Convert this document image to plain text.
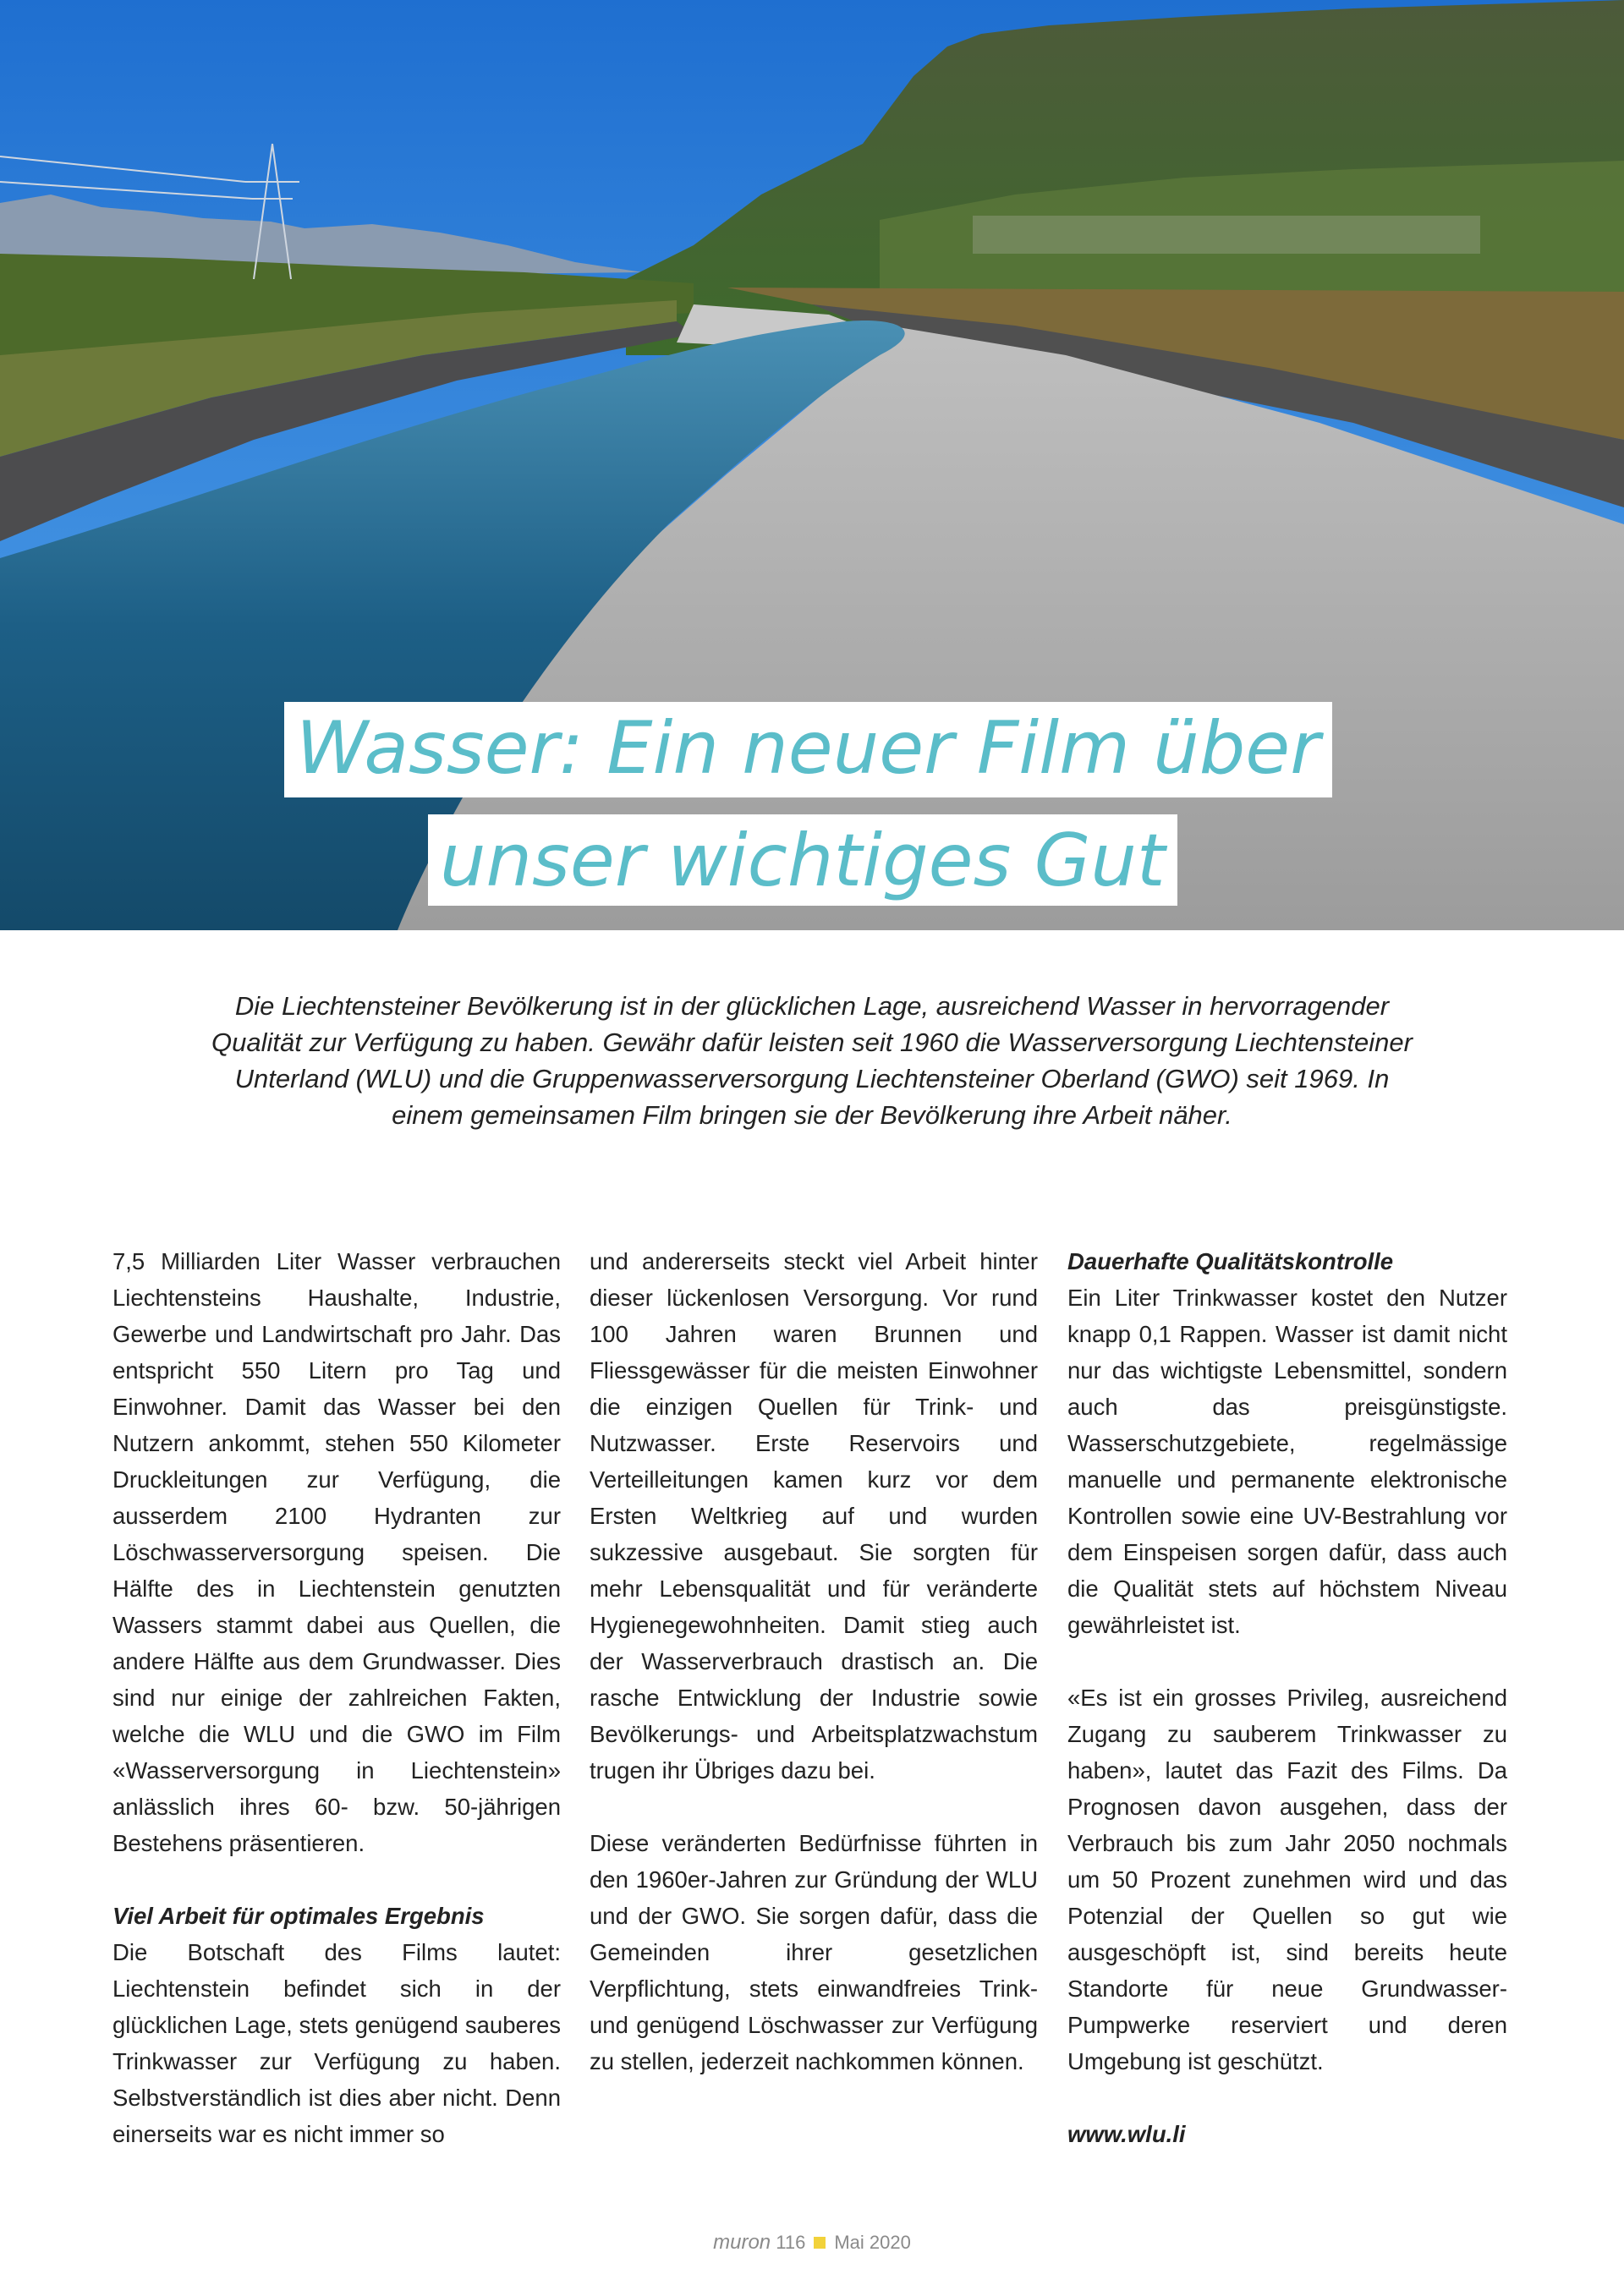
Wasser: Ein neuer Film über
unser wichtiges Gut

Die Liechtensteiner Bevölkerung ist in der glücklichen Lage, ausreichend Wasser in hervorragender

Qualität zur Verfügung zu haben. Gewähr dafür leisten seit 1960 die Wasserversorgung Liechtensteiner

Unterland (WLU) und die Gruppenwasserversorgung Liechtensteiner Oberland (GWO) seit 1969. In

einem gemeinsamen Film bringen sie der Bevölkerung ihre Arbeit näher.

7,5 Milliarden Liter Wasser verbrauchen Liechtensteins Haushalte, Industrie, Gewerbe und Landwirtschaft pro Jahr. Das entspricht 550 Litern pro Tag und Einwohner. Damit das Wasser bei den Nutzern ankommt, stehen 550 Kilometer Druckleitungen zur Verfügung, die ausserdem 2100 Hydranten zur Löschwasserversorgung speisen. Die Hälfte des in Liechtenstein genutzten Wassers stammt dabei aus Quellen, die andere Hälfte aus dem Grundwasser. Dies sind nur einige der zahlreichen Fakten, welche die WLU und die GWO im Film «Wasserversorgung in Liechtenstein» anlässlich ihres 60- bzw. 50-jährigen Bestehens präsentieren.

Viel Arbeit für optimales Ergebnis

Die Botschaft des Films lautet: Liechtenstein befindet sich in der glücklichen Lage, stets genügend sauberes Trinkwasser zur Verfügung zu haben. Selbstverständlich ist dies aber nicht. Denn einerseits war es nicht immer so

und andererseits steckt viel Arbeit hinter dieser lückenlosen Versorgung. Vor rund 100 Jahren waren Brunnen und Fliessgewässer für die meisten Einwohner die einzigen Quellen für Trink- und Nutzwasser. Erste Reservoirs und Verteilleitungen kamen kurz vor dem Ersten Weltkrieg auf und wurden sukzessive ausgebaut. Sie sorgten für mehr Lebensqualität und für veränderte Hygienegewohnheiten. Damit stieg auch der Wasserverbrauch drastisch an. Die rasche Entwicklung der Industrie sowie Bevölkerungs- und Arbeitsplatzwachstum trugen ihr Übriges dazu bei.

Diese veränderten Bedürfnisse führten in den 1960er-Jahren zur Gründung der WLU und der GWO. Sie sorgen dafür, dass die Gemeinden ihrer gesetzlichen Verpflichtung, stets einwandfreies Trink- und genügend Löschwasser zur Verfügung zu stellen, jederzeit nachkommen können.

Dauerhafte Qualitätskontrolle

Ein Liter Trinkwasser kostet den Nutzer knapp 0,1 Rappen. Wasser ist damit nicht nur das wichtigste Lebensmittel, sondern auch das preisgünstigste. Wasserschutzgebiete, regelmässige manuelle und permanente elektronische Kontrollen sowie eine UV-Bestrahlung vor dem Einspeisen sorgen dafür, dass auch die Qualität stets auf höchstem Niveau gewährleistet ist.

«Es ist ein grosses Privileg, ausreichend Zugang zu sauberem Trinkwasser zu haben», lautet das Fazit des Films. Da Prognosen davon ausgehen, dass der Verbrauch bis zum Jahr 2050 nochmals um 50 Prozent zunehmen wird und das Potenzial der Quellen so gut wie ausgeschöpft ist, sind bereits heute Standorte für neue Grundwasser-Pumpwerke reserviert und deren Umgebung ist geschützt.

www.wlu.li

muron 116 Mai 2020
